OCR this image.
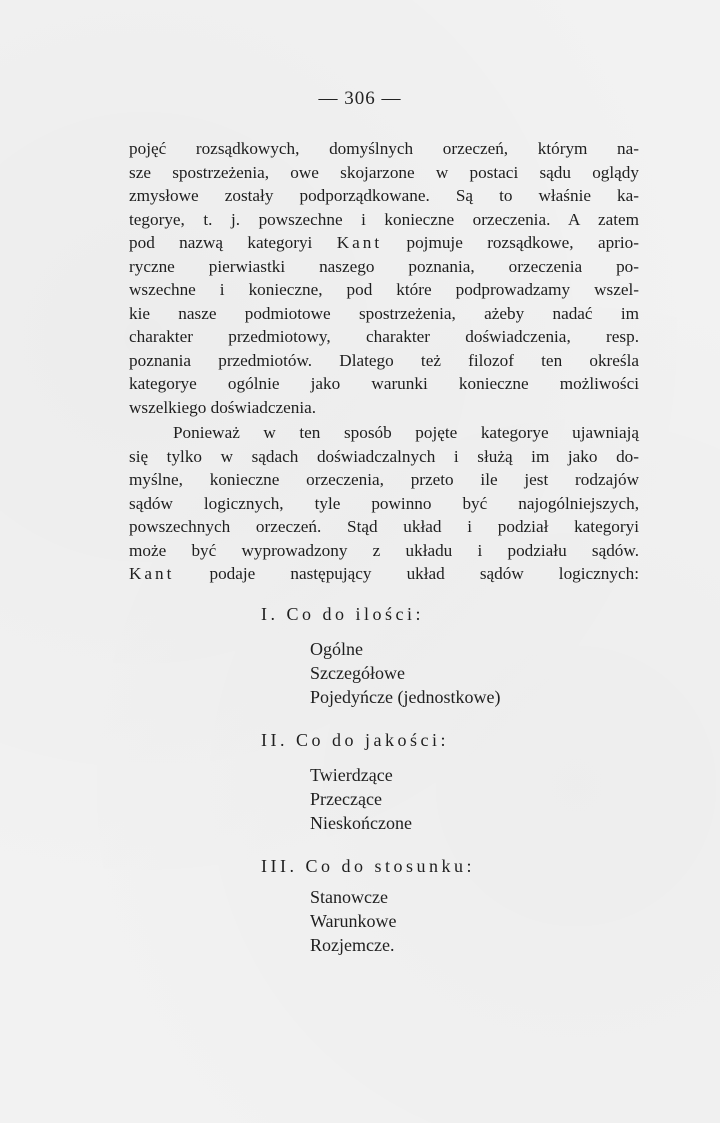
— 306 —
pojęć rozsądkowych, domyślnych orzeczeń, którym na-
sze spostrzeżenia, owe skojarzone w postaci sądu oglądy
zmysłowe zostały podporządkowane. Są to właśnie ka-
tegorye, t. j. powszechne i konieczne orzeczenia. A zatem
pod nazwą kategoryi Kant pojmuje rozsądkowe, aprio-
ryczne pierwiastki naszego poznania, orzeczenia po-
wszechne i konieczne, pod które podprowadzamy wszel-
kie nasze podmiotowe spostrzeżenia, ażeby nadać im
charakter przedmiotowy, charakter doświadczenia, resp.
poznania przedmiotów. Dlatego też filozof ten określa
kategorye ogólnie jako warunki konieczne możliwości
wszelkiego doświadczenia.
Ponieważ w ten sposób pojęte kategorye ujawniają
się tylko w sądach doświadczalnych i służą im jako do-
myślne, konieczne orzeczenia, przeto ile jest rodzajów
sądów logicznych, tyle powinno być najogólniejszych,
powszechnych orzeczeń. Stąd układ i podział kategoryi
może być wyprowadzony z układu i podziału sądów.
Kant podaje następujący układ sądów logicznych:
I. Co do ilości:
Ogólne
Szczegółowe
Pojedyńcze (jednostkowe)
II. Co do jakości:
Twierdzące
Przeczące
Nieskończone
III. Co do stosunku:
Stanowcze
Warunkowe
Rozjemcze.
